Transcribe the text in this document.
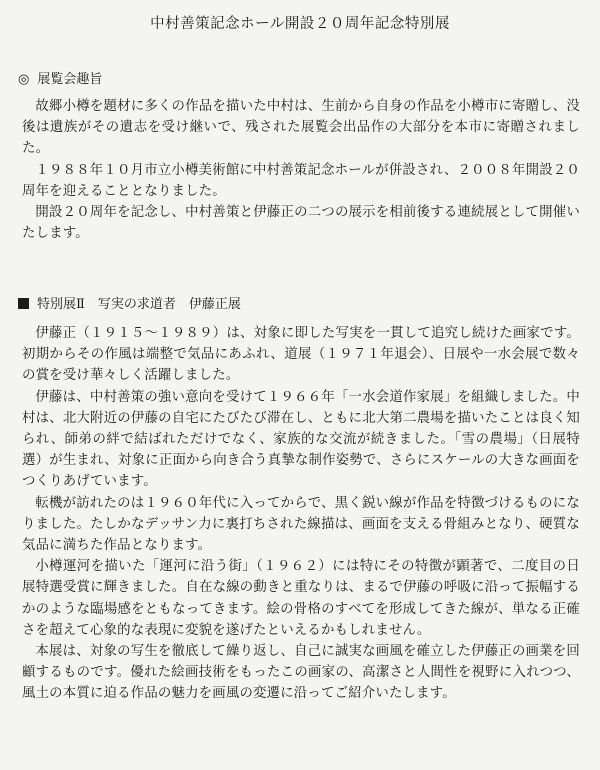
中村善策記念ホール開設２０周年記念特別展
◎ 展覧会趣旨

故郷小樽を題材に多くの作品を描いた中村は、生前から自身の作品を小樽市に寄贈し、没後は遺族がその遺志を受け継いで、残された展覧会出品作の大部分を本市に寄贈されました。

１９８８年１０月市立小樽美術館に中村善策記念ホールが併設され、２００８年開設２０周年を迎えることとなりました。

開設２０周年を記念し、中村善策と伊藤正の二つの展示を相前後する連続展として開催いたします。

特別展Ⅱ　写実の求道者　伊藤正展

伊藤正（１９１５～１９８９）は、対象に即した写実を一貫して追究し続けた画家です。初期からその作風は端整で気品にあふれ、道展（１９７１年退会）、日展や一水会展で数々の賞を受け華々しく活躍しました。

伊藤は、中村善策の強い意向を受けて１９６６年「一水会道作家展」を組織しました。中村は、北大附近の伊藤の自宅にたびたび滞在し、ともに北大第二農場を描いたことは良く知られ、師弟の絆で結ばれただけでなく、家族的な交流が続きました。「雪の農場」（日展特選）が生まれ、対象に正面から向き合う真摯な制作姿勢で、さらにスケールの大きな画面をつくりあげています。

転機が訪れたのは１９６０年代に入ってからで、黒く鋭い線が作品を特徴づけるものになりました。たしかなデッサン力に裏打ちされた線描は、画面を支える骨組みとなり、硬質な気品に満ちた作品となります。

小樽運河を描いた「運河に沿う街」（１９６２）には特にその特徴が顕著で、二度目の日展特選受賞に輝きました。自在な線の動きと重なりは、まるで伊藤の呼吸に沿って振幅するかのような臨場感をともなってきます。絵の骨格のすべてを形成してきた線が、単なる正確さを超えて心象的な表現に変貌を遂げたといえるかもしれません。

本展は、対象の写生を徹底して繰り返し、自己に誠実な画風を確立した伊藤正の画業を回顧するものです。優れた絵画技術をもったこの画家の、高潔さと人間性を視野に入れつつ、風土の本質に迫る作品の魅力を画風の変遷に沿ってご紹介いたします。
